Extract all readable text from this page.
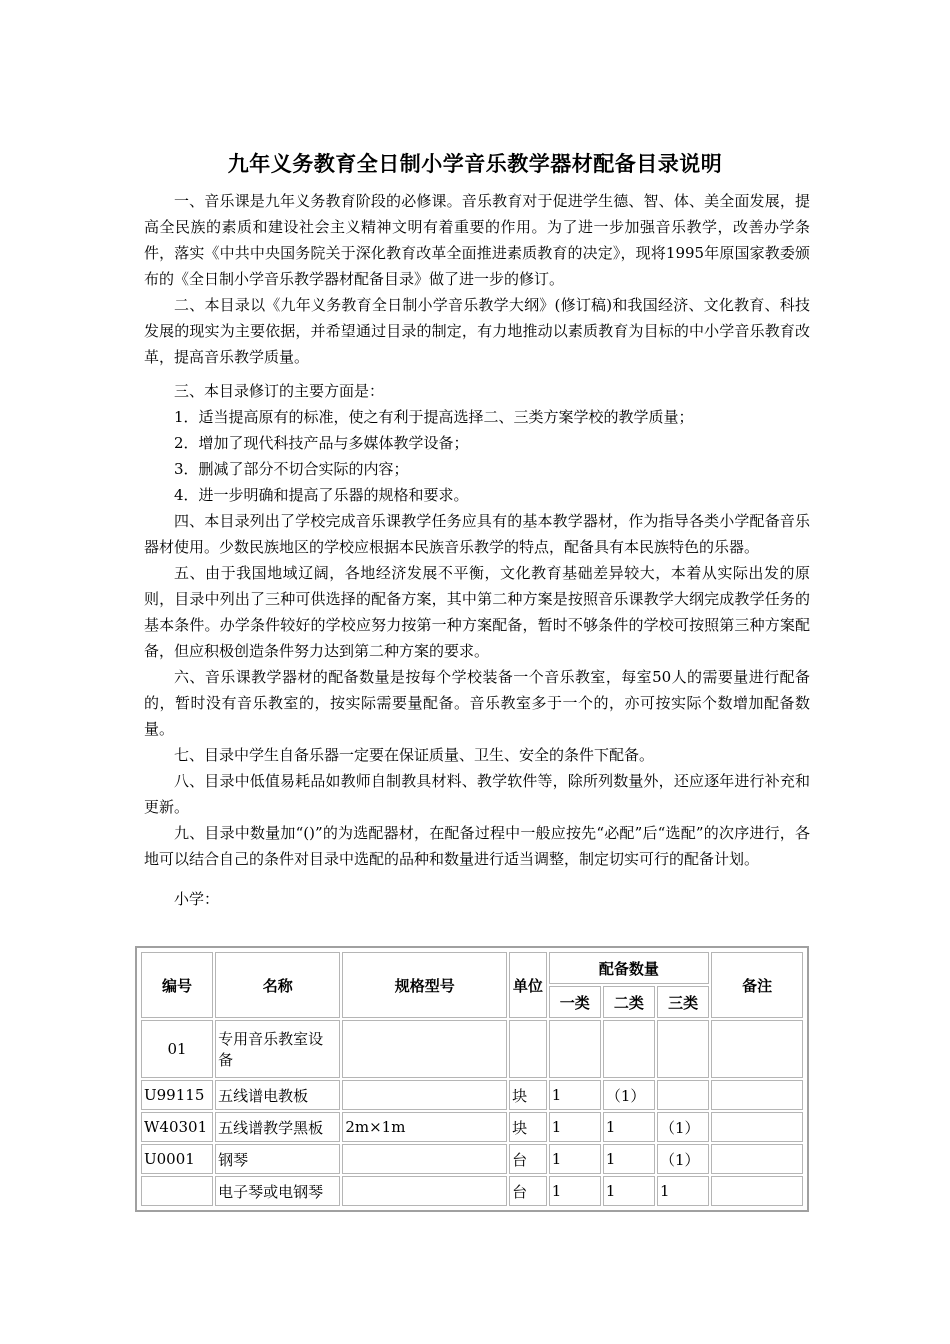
九年义务教育全日制小学音乐教学器材配备目录说明

一、音乐课是九年义务教育阶段的必修课。音乐教育对于促进学生德、智、体、美全面发展，提高全民族的素质和建设社会主义精神文明有着重要的作用。为了进一步加强音乐教学，改善办学条件，落实《中共中央国务院关于深化教育改革全面推进素质教育的决定》，现将1995年原国家教委颁布的《全日制小学音乐教学器材配备目录》做了进一步的修订。

二、本目录以《九年义务教育全日制小学音乐教学大纲》(修订稿)和我国经济、文化教育、科技发展的现实为主要依据，并希望通过目录的制定，有力地推动以素质教育为目标的中小学音乐教育改革，提高音乐教学质量。

三、本目录修订的主要方面是：

1．适当提高原有的标准，使之有利于提高选择二、三类方案学校的教学质量；

2．增加了现代科技产品与多媒体教学设备；

3．删减了部分不切合实际的内容；

4．进一步明确和提高了乐器的规格和要求。

四、本目录列出了学校完成音乐课教学任务应具有的基本教学器材，作为指导各类小学配备音乐器材使用。少数民族地区的学校应根据本民族音乐教学的特点，配备具有本民族特色的乐器。

五、由于我国地域辽阔，各地经济发展不平衡，文化教育基础差异较大，本着从实际出发的原则，目录中列出了三种可供选择的配备方案，其中第二种方案是按照音乐课教学大纲完成教学任务的基本条件。办学条件较好的学校应努力按第一种方案配备，暂时不够条件的学校可按照第三种方案配备，但应积极创造条件努力达到第二种方案的要求。

六、音乐课教学器材的配备数量是按每个学校装备一个音乐教室，每室50人的需要量进行配备的，暂时没有音乐教室的，按实际需要量配备。音乐教室多于一个的，亦可按实际个数增加配备数量。

七、目录中学生自备乐器一定要在保证质量、卫生、安全的条件下配备。

八、目录中低值易耗品如教师自制教具材料、教学软件等，除所列数量外，还应逐年进行补充和更新。

九、目录中数量加“()”的为选配器材，在配备过程中一般应按先“必配”后“选配”的次序进行，各地可以结合自己的条件对目录中选配的品种和数量进行适当调整，制定切实可行的配备计划。

小学：

编号	名称	规格型号	单位	配备数量			备注
				一类	二类	三类	
01	专用音乐教室设备						
U99115	五线谱电教板		块	1	（1）		
W40301	五线谱教学黑板	2m×1m	块	1	1	（1）	
U0001	钢琴		台	1	1	（1）	
	电子琴或电钢琴		台	1	1	1	
